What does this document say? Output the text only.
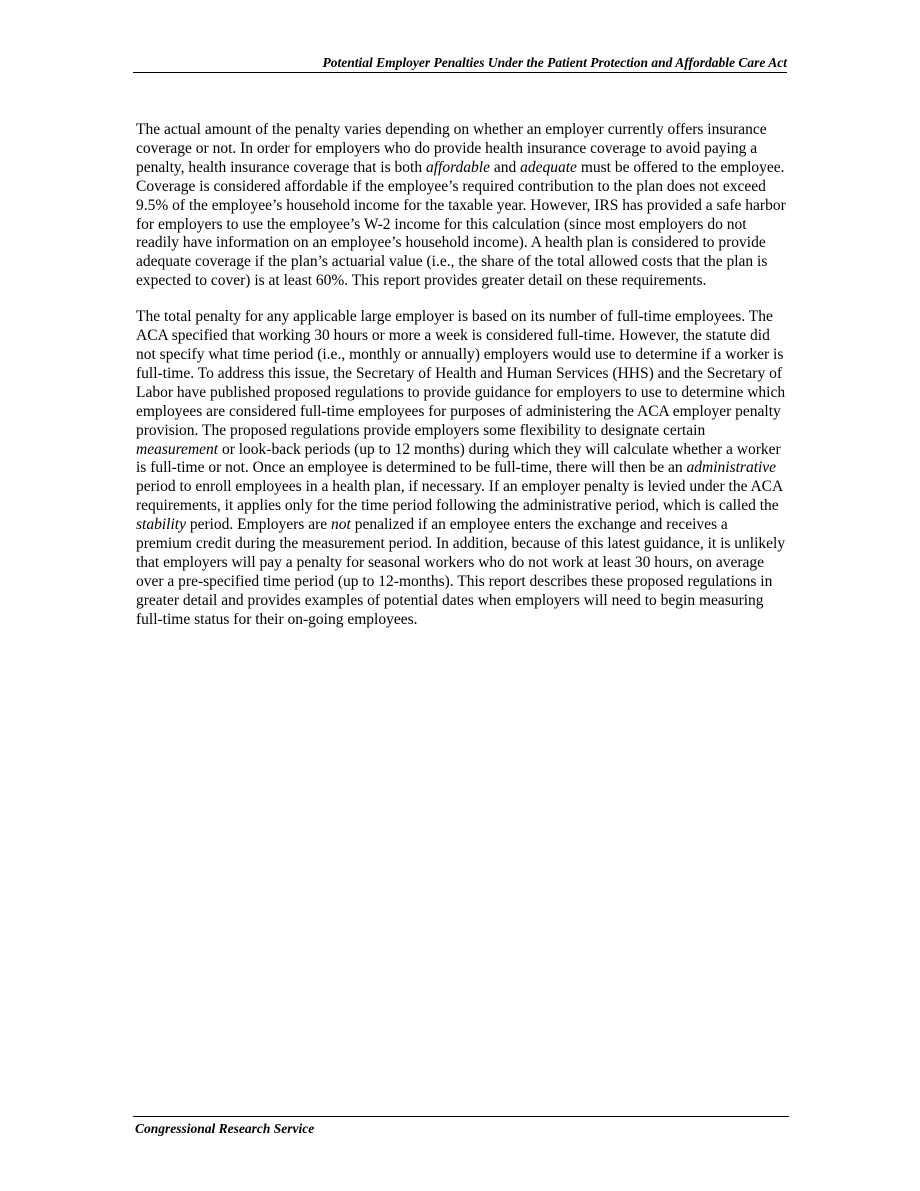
Potential Employer Penalties Under the Patient Protection and Affordable Care Act

The actual amount of the penalty varies depending on whether an employer currently offers insurance coverage or not. In order for employers who do provide health insurance coverage to avoid paying a penalty, health insurance coverage that is both affordable and adequate must be offered to the employee. Coverage is considered affordable if the employee’s required contribution to the plan does not exceed 9.5% of the employee’s household income for the taxable year. However, IRS has provided a safe harbor for employers to use the employee’s W-2 income for this calculation (since most employers do not readily have information on an employee’s household income). A health plan is considered to provide adequate coverage if the plan’s actuarial value (i.e., the share of the total allowed costs that the plan is expected to cover) is at least 60%. This report provides greater detail on these requirements.

The total penalty for any applicable large employer is based on its number of full-time employees. The ACA specified that working 30 hours or more a week is considered full-time. However, the statute did not specify what time period (i.e., monthly or annually) employers would use to determine if a worker is full-time. To address this issue, the Secretary of Health and Human Services (HHS) and the Secretary of Labor have published proposed regulations to provide guidance for employers to use to determine which employees are considered full-time employees for purposes of administering the ACA employer penalty provision. The proposed regulations provide employers some flexibility to designate certain measurement or look-back periods (up to 12 months) during which they will calculate whether a worker is full-time or not. Once an employee is determined to be full-time, there will then be an administrative period to enroll employees in a health plan, if necessary. If an employer penalty is levied under the ACA requirements, it applies only for the time period following the administrative period, which is called the stability period. Employers are not penalized if an employee enters the exchange and receives a premium credit during the measurement period. In addition, because of this latest guidance, it is unlikely that employers will pay a penalty for seasonal workers who do not work at least 30 hours, on average over a pre-specified time period (up to 12-months). This report describes these proposed regulations in greater detail and provides examples of potential dates when employers will need to begin measuring full-time status for their on-going employees.

Congressional Research Service
